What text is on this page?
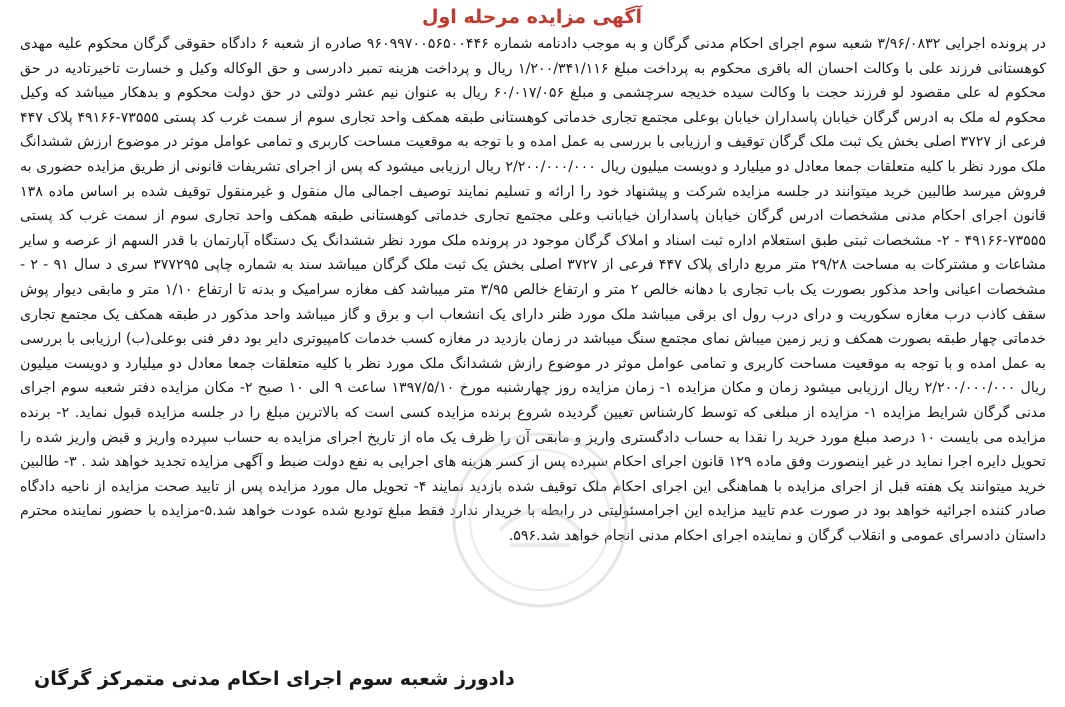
آگهی مزایده مرحله اول

در پرونده اجرایی ۳/۹۶/۰۸۳۲ شعبه سوم اجرای احکام مدنی گرگان و به موجب دادنامه شماره ۹۶۰۹۹۷۰۰۵۶۵۰۰۴۴۶ صادره از شعبه ۶ دادگاه حقوقی گرگان محکوم علیه مهدی کوهستانی فرزند علی با وکالت احسان اله باقری محکوم به پرداخت مبلغ ۱/۲۰۰/۳۴۱/۱۱۶ ریال و پرداخت هزینه تمبر دادرسی و حق الوکاله وکیل و خسارت تاخیرتادیه در حق محکوم له علی مقصود لو فرزند حجت با وکالت سیده خدیجه سرچشمی و مبلغ ۶۰/۰۱۷/۰۵۶ ریال به عنوان نیم عشر دولتی در حق دولت محکوم و بدهکار میباشد که وکیل محکوم له ملک به ادرس گرگان خیابان پاسداران خیابان بوعلی مجتمع تجاری خدماتی کوهستانی طبقه همکف واحد تجاری سوم از سمت غرب کد پستی ۷۳۵۵۵-۴۹۱۶۶ پلاک ۴۴۷ فرعی از ۳۷۲۷ اصلی بخش یک ثبت ملک گرگان توقیف و ارزیابی با بررسی به عمل امده و با توجه به موقعیت مساحت کاربری و تمامی عوامل موثر در موضوع ارزش ششدانگ ملک مورد نظر با کلیه متعلقات جمعا معادل دو میلیارد و دویست میلیون ریال ۲/۲۰۰/۰۰۰/۰۰۰ ریال ارزیابی میشود که پس از اجرای تشریفات قانونی از طریق مزایده حضوری به فروش میرسد طالبین خرید میتوانند در جلسه مزایده شرکت و پیشنهاد خود را ارائه و تسلیم نمایند توصیف اجمالی مال منقول و غیرمنقول توقیف شده بر اساس ماده ۱۳۸ قانون اجرای احکام مدنی مشخصات ادرس گرگان خیابان پاسداران خیابانب وعلی مجتمع تجاری خدماتی کوهستانی طبقه همکف واحد تجاری سوم از سمت غرب کد پستی ۷۳۵۵۵-۴۹۱۶۶ - ۲- مشخصات ثبتی طبق استعلام اداره ثبت اسناد و املاک گرگان موجود در پرونده ملک مورد نظر ششدانگ یک دستگاه آپارتمان با قدر السهم از عرصه و سایر مشاعات و مشترکات به مساحت ۲۹/۲۸ متر مربع دارای پلاک ۴۴۷ فرعی از ۳۷۲۷ اصلی بخش یک ثبت ملک گرگان میباشد سند به شماره چاپی ۳۷۷۲۹۵ سری د سال ۹۱ - ۲ - مشخصات اعیانی واحد مذکور بصورت یک باب تجاری با دهانه خالص ۲ متر و ارتفاع خالص ۳/۹۵ متر میباشد کف مغازه سرامیک و بدنه تا ارتفاع ۱/۱۰ متر و مابقی دیوار پوش سقف کاذب درب مغازه سکوریت و درای درب رول ای برقی میباشد ملک مورد ظنر دارای یک انشعاب اب و برق و گاز میباشد واحد مذکور در طبقه همکف یک مجتمع تجاری خدماتی چهار طبقه بصورت همکف و زیر زمین میباش نمای مجتمع سنگ میباشد در زمان بازدید در مغازه کسب خدمات کامپیوتری دایر بود دفر فنی بوعلی(ب) ارزیابی با بررسی به عمل امده و با توجه به موقعیت مساحت کاربری و تمامی عوامل موثر در موضوع رازش ششدانگ ملک مورد نظر با کلیه متعلقات جمعا معادل دو میلیارد و دویست میلیون ریال ۲/۲۰۰/۰۰۰/۰۰۰ ریال ارزیابی میشود زمان و مکان مزایده ۱- زمان مزایده روز چهارشنبه مورخ ۱۳۹۷/۵/۱۰ ساعت ۹ الی ۱۰ صبح ۲- مکان مزایده دفتر شعبه سوم اجرای مدنی گرگان شرایط مزایده ۱- مزایده از مبلغی که توسط کارشناس تعیین گردیده شروع برنده مزایده کسی است که بالاترین مبلغ را در جلسه مزایده قبول نماید. ۲- برنده مزایده می بایست ۱۰ درصد مبلغ مورد خرید را نقدا به حساب دادگستری واریز و مابقی آن را ظرف یک ماه از تاریخ اجرای مزایده به حساب سپرده واریز و قبض واریز شده را تحویل دایره اجرا نماید در غیر اینصورت وفق ماده ۱۲۹ قانون اجرای احکام سپرده پس از کسر هزینه های اجرایی به نفع دولت ضبط و آگهی مزایده تجدید خواهد شد . ۳- طالبین خرید میتوانند یک هفته قبل از اجرای مزایده با هماهنگی این اجرای احکام ملک توقیف شده بازدید نمایند ۴- تحویل مال مورد مزایده پس از تایید صحت مزایده از ناحیه دادگاه صادر کننده اجرائیه خواهد بود در صورت عدم تایید مزایده این اجرامسئولیتی در رابطه با خریدار ندارد فقط مبلغ تودیع شده عودت خواهد شد.۵-مزایده با حضور نماینده محترم داستان دادسرای عمومی و انقلاب گرگان و نماینده اجرای احکام مدنی انجام خواهد شد.۵۹۶.

دادورز شعبه سوم اجرای احکام مدنی متمرکز گرگان
